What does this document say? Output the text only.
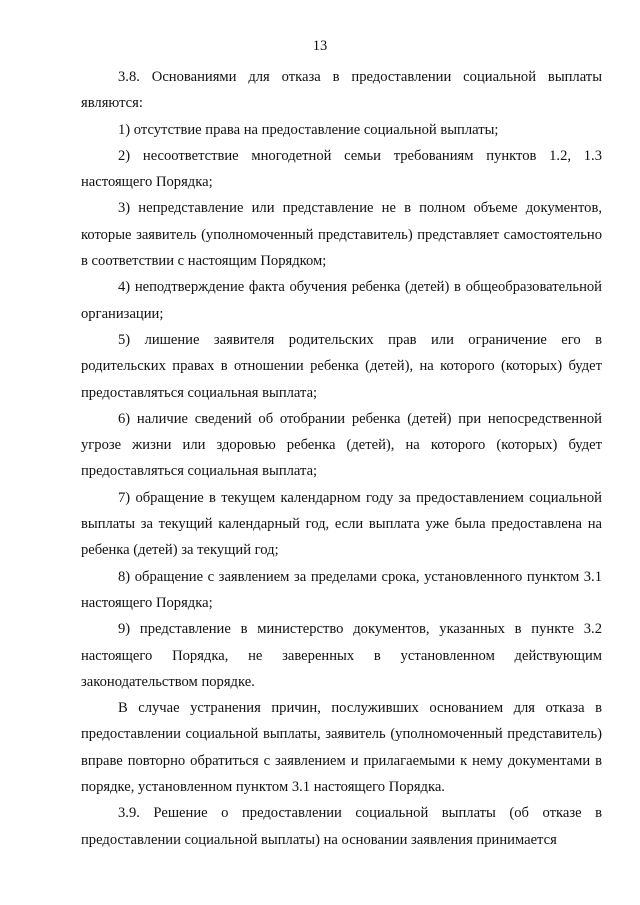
13

3.8. Основаниями для отказа в предоставлении социальной выплаты являются:

1) отсутствие права на предоставление социальной выплаты;

2) несоответствие многодетной семьи требованиям пунктов 1.2, 1.3 настоящего Порядка;

3) непредставление или представление не в полном объеме документов, которые заявитель (уполномоченный представитель) представляет самостоятельно в соответствии с настоящим Порядком;

4) неподтверждение факта обучения ребенка (детей) в общеобразовательной организации;

5) лишение заявителя родительских прав или ограничение его в родительских правах в отношении ребенка (детей), на которого (которых) будет предоставляться социальная выплата;

6) наличие сведений об отобрании ребенка (детей) при непосредственной угрозе жизни или здоровью ребенка (детей), на которого (которых) будет предоставляться социальная выплата;

7) обращение в текущем календарном году за предоставлением социальной выплаты за текущий календарный год, если выплата уже была предоставлена на ребенка (детей) за текущий год;

8) обращение с заявлением за пределами срока, установленного пунктом 3.1 настоящего Порядка;

9) представление в министерство документов, указанных в пункте 3.2 настоящего Порядка, не заверенных в установленном действующим законодательством порядке.

В случае устранения причин, послуживших основанием для отказа в предоставлении социальной выплаты, заявитель (уполномоченный представитель) вправе повторно обратиться с заявлением и прилагаемыми к нему документами в порядке, установленном пунктом 3.1 настоящего Порядка.

3.9. Решение о предоставлении социальной выплаты (об отказе в предоставлении социальной выплаты) на основании заявления принимается
